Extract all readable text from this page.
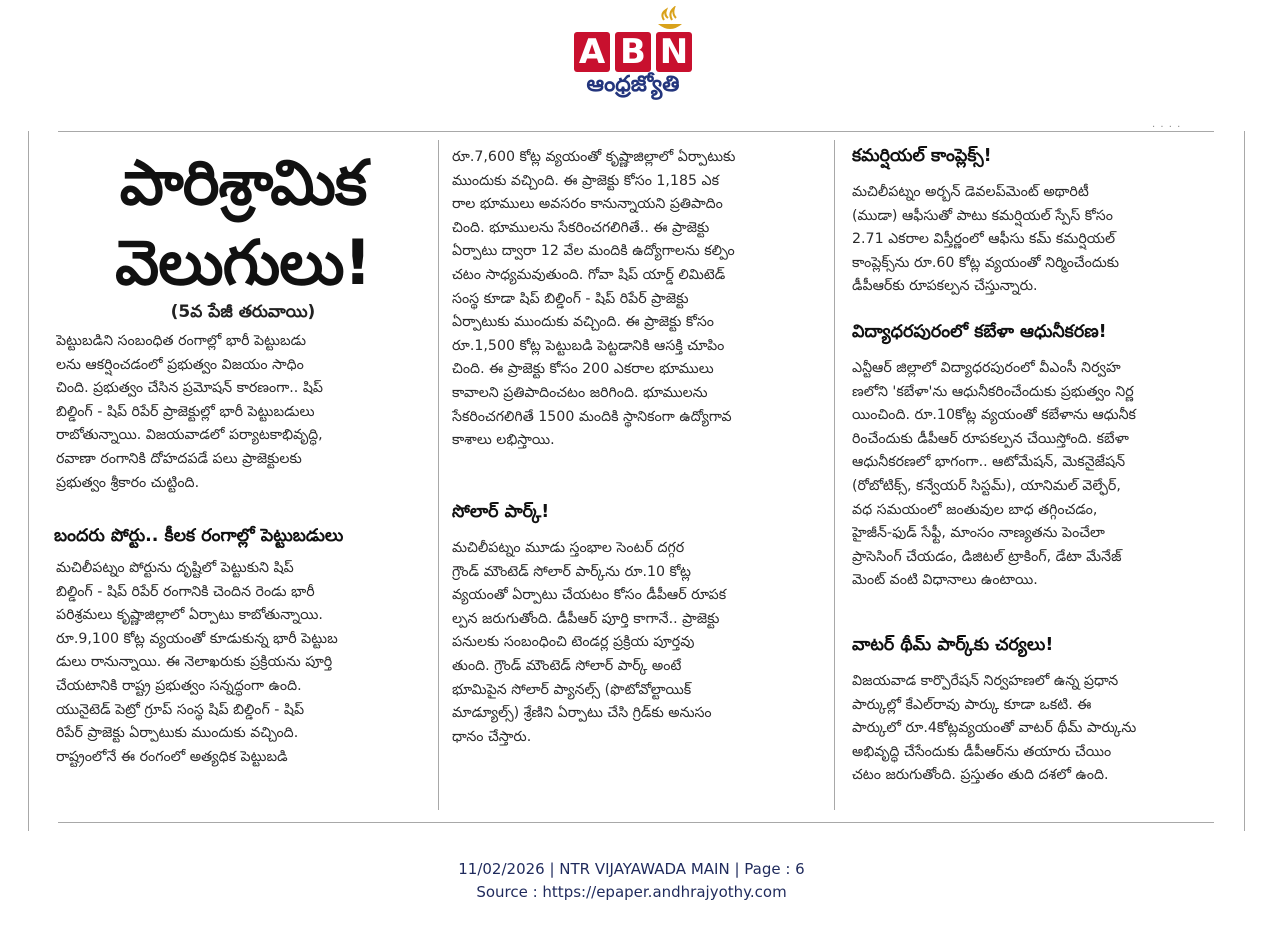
A B N
ఆంధ్రజ్యోతి
· · · ·
పారిశ్రామిక
వెలుగులు!
(5వ పేజీ తరువాయి)
పెట్టుబడిని సంబంధిత రంగాల్లో భారీ పెట్టుబడు
లను ఆకర్షించడంలో ప్రభుత్వం విజయం సాధిం
చింది. ప్రభుత్వం చేసిన ప్రమోషన్ కారణంగా.. షిప్
బిల్డింగ్ - షిప్ రిపేర్ ప్రాజెక్టుల్లో భారీ పెట్టుబడులు
రాబోతున్నాయి. విజయవాడలో పర్యాటకాభివృద్ధి,
రవాణా రంగానికి దోహదపడే పలు ప్రాజెక్టులకు
ప్రభుత్వం శ్రీకారం చుట్టింది.
బందరు పోర్టు.. కీలక రంగాల్లో పెట్టుబడులు
మచిలీపట్నం పోర్టును దృష్టిలో పెట్టుకుని షిప్
బిల్డింగ్ - షిప్ రిపేర్ రంగానికి చెందిన రెండు భారీ
పరిశ్రమలు కృష్ణాజిల్లాలో ఏర్పాటు కాబోతున్నాయి.
రూ.9,100 కోట్ల వ్యయంతో కూడుకున్న భారీ పెట్టుబ
డులు రానున్నాయి. ఈ నెలాఖరుకు ప్రక్రియను పూర్తి
చేయటానికి రాష్ట్ర ప్రభుత్వం సన్నద్ధంగా ఉంది.
యునైటెడ్ పెట్రో గ్రూప్ సంస్థ షిప్ బిల్డింగ్ - షిప్
రిపేర్ ప్రాజెక్టు ఏర్పాటుకు ముందుకు వచ్చింది.
రాష్ట్రంలోనే ఈ రంగంలో అత్యధిక పెట్టుబడి
రూ.7,600 కోట్ల వ్యయంతో కృష్ణాజిల్లాలో ఏర్పాటుకు
ముందుకు వచ్చింది. ఈ ప్రాజెక్టు కోసం 1,185 ఎక
రాల భూములు అవసరం కానున్నాయని ప్రతిపాదిం
చింది. భూములను సేకరించగలిగితే.. ఈ ప్రాజెక్టు
ఏర్పాటు ద్వారా 12 వేల మందికి ఉద్యోగాలను కల్పిం
చటం సాధ్యమవుతుంది. గోవా షిప్ యార్డ్ లిమిటెడ్
సంస్థ కూడా షిప్ బిల్డింగ్ - షిప్ రిపేర్ ప్రాజెక్టు
ఏర్పాటుకు ముందుకు వచ్చింది. ఈ ప్రాజెక్టు కోసం
రూ.1,500 కోట్ల పెట్టుబడి పెట్టడానికి ఆసక్తి చూపిం
చింది. ఈ ప్రాజెక్టు కోసం 200 ఎకరాల భూములు
కావాలని ప్రతిపాదించటం జరిగింది. భూములను
సేకరించగలిగితే 1500 మందికి స్థానికంగా ఉద్యోగావ
కాశాలు లభిస్తాయి.
సోలార్ పార్క్!
మచిలీపట్నం మూడు స్తంభాల సెంటర్ దగ్గర
గ్రౌండ్ మౌంటెడ్ సోలార్ పార్క్‌ను రూ.10 కోట్ల
వ్యయంతో ఏర్పాటు చేయటం కోసం డీపీఆర్ రూపక
ల్పన జరుగుతోంది. డీపీఆర్ పూర్తి కాగానే.. ప్రాజెక్టు
పనులకు సంబంధించి టెండర్ల ప్రక్రియ పూర్తవు
తుంది. గ్రౌండ్ మౌంటెడ్ సోలార్ పార్క్ అంటే
భూమిపైన సోలార్ ప్యానల్స్ (ఫొటోవోల్టాయిక్
మాడ్యూల్స్) శ్రేణిని ఏర్పాటు చేసి గ్రిడ్‌కు అనుసం
ధానం చేస్తారు.
కమర్షియల్ కాంప్లెక్స్!
మచిలీపట్నం అర్బన్ డెవలప్‌మెంట్ అథారిటీ
(ముడా) ఆఫీసుతో పాటు కమర్షియల్ స్పేస్ కోసం
2.71 ఎకరాల విస్తీర్ణంలో ఆఫీసు కమ్ కమర్షియల్
కాంప్లెక్స్‌ను రూ.60 కోట్ల వ్యయంతో నిర్మించేందుకు
డీపీఆర్‌కు రూపకల్పన చేస్తున్నారు.
విద్యాధరపురంలో కబేళా ఆధునీకరణ!
ఎన్టీఆర్ జిల్లాలో విద్యాధరపురంలో వీఎంసీ నిర్వహ
ణలోని 'కబేళా'ను ఆధునీకరించేందుకు ప్రభుత్వం నిర్ణ
యించింది. రూ.10కోట్ల వ్యయంతో కబేళాను ఆధునీక
రించేందుకు డీపీఆర్ రూపకల్పన చేయిస్తోంది. కబేళా
ఆధునీకరణలో భాగంగా.. ఆటోమేషన్, మెకనైజేషన్
(రోబోటిక్స్, కన్వేయర్ సిస్టమ్), యానిమల్ వెల్ఫేర్,
వధ సమయంలో జంతువుల బాధ తగ్గించడం,
హైజీన్-ఫుడ్ సేఫ్టీ, మాంసం నాణ్యతను పెంచేలా
ప్రాసెసింగ్ చేయడం, డిజిటల్ ట్రాకింగ్, డేటా మేనేజ్
మెంట్ వంటి విధానాలు ఉంటాయి.
వాటర్ థీమ్ పార్క్‌కు చర్యలు!
విజయవాడ కార్పొరేషన్ నిర్వహణలో ఉన్న ప్రధాన
పార్కుల్లో కేఎల్‌రావు పార్కు కూడా ఒకటి. ఈ
పార్కులో రూ.4కోట్లవ్యయంతో వాటర్ థీమ్ పార్కును
అభివృద్ధి చేసేందుకు డీపీఆర్‌ను తయారు చేయిం
చటం జరుగుతోంది. ప్రస్తుతం తుది దశలో ఉంది.
11/02/2026 | NTR VIJAYAWADA MAIN | Page : 6
Source : https://epaper.andhrajyothy.com
